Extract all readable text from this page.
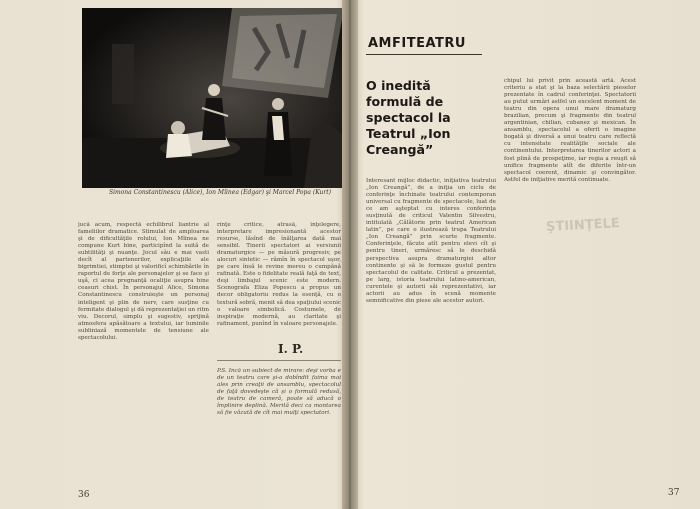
Simona Constantinescu (Alice), Ion Mîinea (Edgar) şi Marcel Popa (Kurt)

jucă acum, respectă echilibrul liantrie al fameliilor dramatice. Stimulat de amploarea şi de dificultăţile rolului, Ion Mîinea ne compune Kurt bine, participînd la suită de subtilităţi şi nuanţe. Jocul său e mai vasti decît al partenerilor, explicaţiile ale bigrimtiei, stimptei şi valorificî schimbările în raportul de forţe ale personajelor şi se face şi uşă, ci acea pregnanţă ocaliţie asupra bine ceasuri chist. În personajul Alice, Simona Constantinescu construieşte un personaj inteligent şi plin de nerv, care susţine cu fermitate dialogul şi dă reprezentaţiei un ritm viu. Decorul, simplu şi sugestiv, sprijină atmosfera apăsătoare a textului, iar luminile subliniază momentele de tensiune ale spectacolului.

rinţe critice, atrasă, înţelegere, interpretare impresionantă acestor resurse, lăsînd de înălţarea dată mai sensibil. Tinerii spectatori ai versiunii dramaturgice — pe măsură progresiv, pe alocuri sintetic — rămîn în spectacol uşor, pe care însă le revine mereu o cumpănă rafinată. Este o fidelitate reală faţă de text, deşi limbajul scenic este modern. Scenografa Eliza Popescu a propus un decor obligatoriu redus la esenţă, cu o textură sobră, menit să dea spaţiului scenic o valoare simbolică. Costumele, de inspiraţie modernă, au claritate şi rafinament, punînd în valoare personajele.

I. P.

P.S. Încă un subiect de mirare: deşi vorba e de un teatru care şi-a dobîndit faima mai ales prin creaţii de ansamblu, spectacolul de faţă dovedeşte că şi o formulă redusă, de teatru de cameră, poate să aducă o împlinire deplină. Merită deci ca montarea să fie văzută de cît mai mulţi spectatori.

36
ŞTIINŢELE
AMFITEATRU
O inedită formulă de spectacol la Teatrul „Ion Creangă”

Interesant mijloc didactic, iniţiativa teatrului „Ion Creangă”, de a iniţia un ciclu de conferinţe închinate teatrului contemporan universal cu fragmente de spectacole, luat de ce am aşteptat cu interes conferinţa susţinută de criticul Valentin Silvestru, intitulată „Călătorie prin teatrul American latin”, pe care o ilustrează trupa Teatrului „Ion Creangă” prin scurte fragmente. Conferinţele, făcute atît pentru elevi cît şi pentru tineri, urmăresc să le deschidă perspectiva asupra dramaturgiei altor continente şi să le formeze gustul pentru spectacolul de calitate. Criticul a prezentat, pe larg, istoria teatrului latino-american, curentele şi autorii săi reprezentativi, iar actorii au adus în scenă momente semnificative din piese ale acestor autori.

chipul lui privit prin această artă. Acest criteriu a stat şi la baza selectării pieselor prezentate în cadrul conferinţei. Spectatorii au putut urmări astfel un excelent moment de teatru din opera unui mare dramaturg brazilian, precum şi fragmente din teatrul argentinian, chilian, cubanez şi mexican. În ansamblu, spectacolul a oferit o imagine bogată şi diversă a unui teatru care reflectă cu intensitate realităţile sociale ale continentului. Interpretarea tinerilor actori a fost plină de prospeţime, iar regia a reuşit să unifice fragmente atît de diferite într-un spectacol coerent, dinamic şi convingător. Astfel de iniţiative merită continuate.

37
